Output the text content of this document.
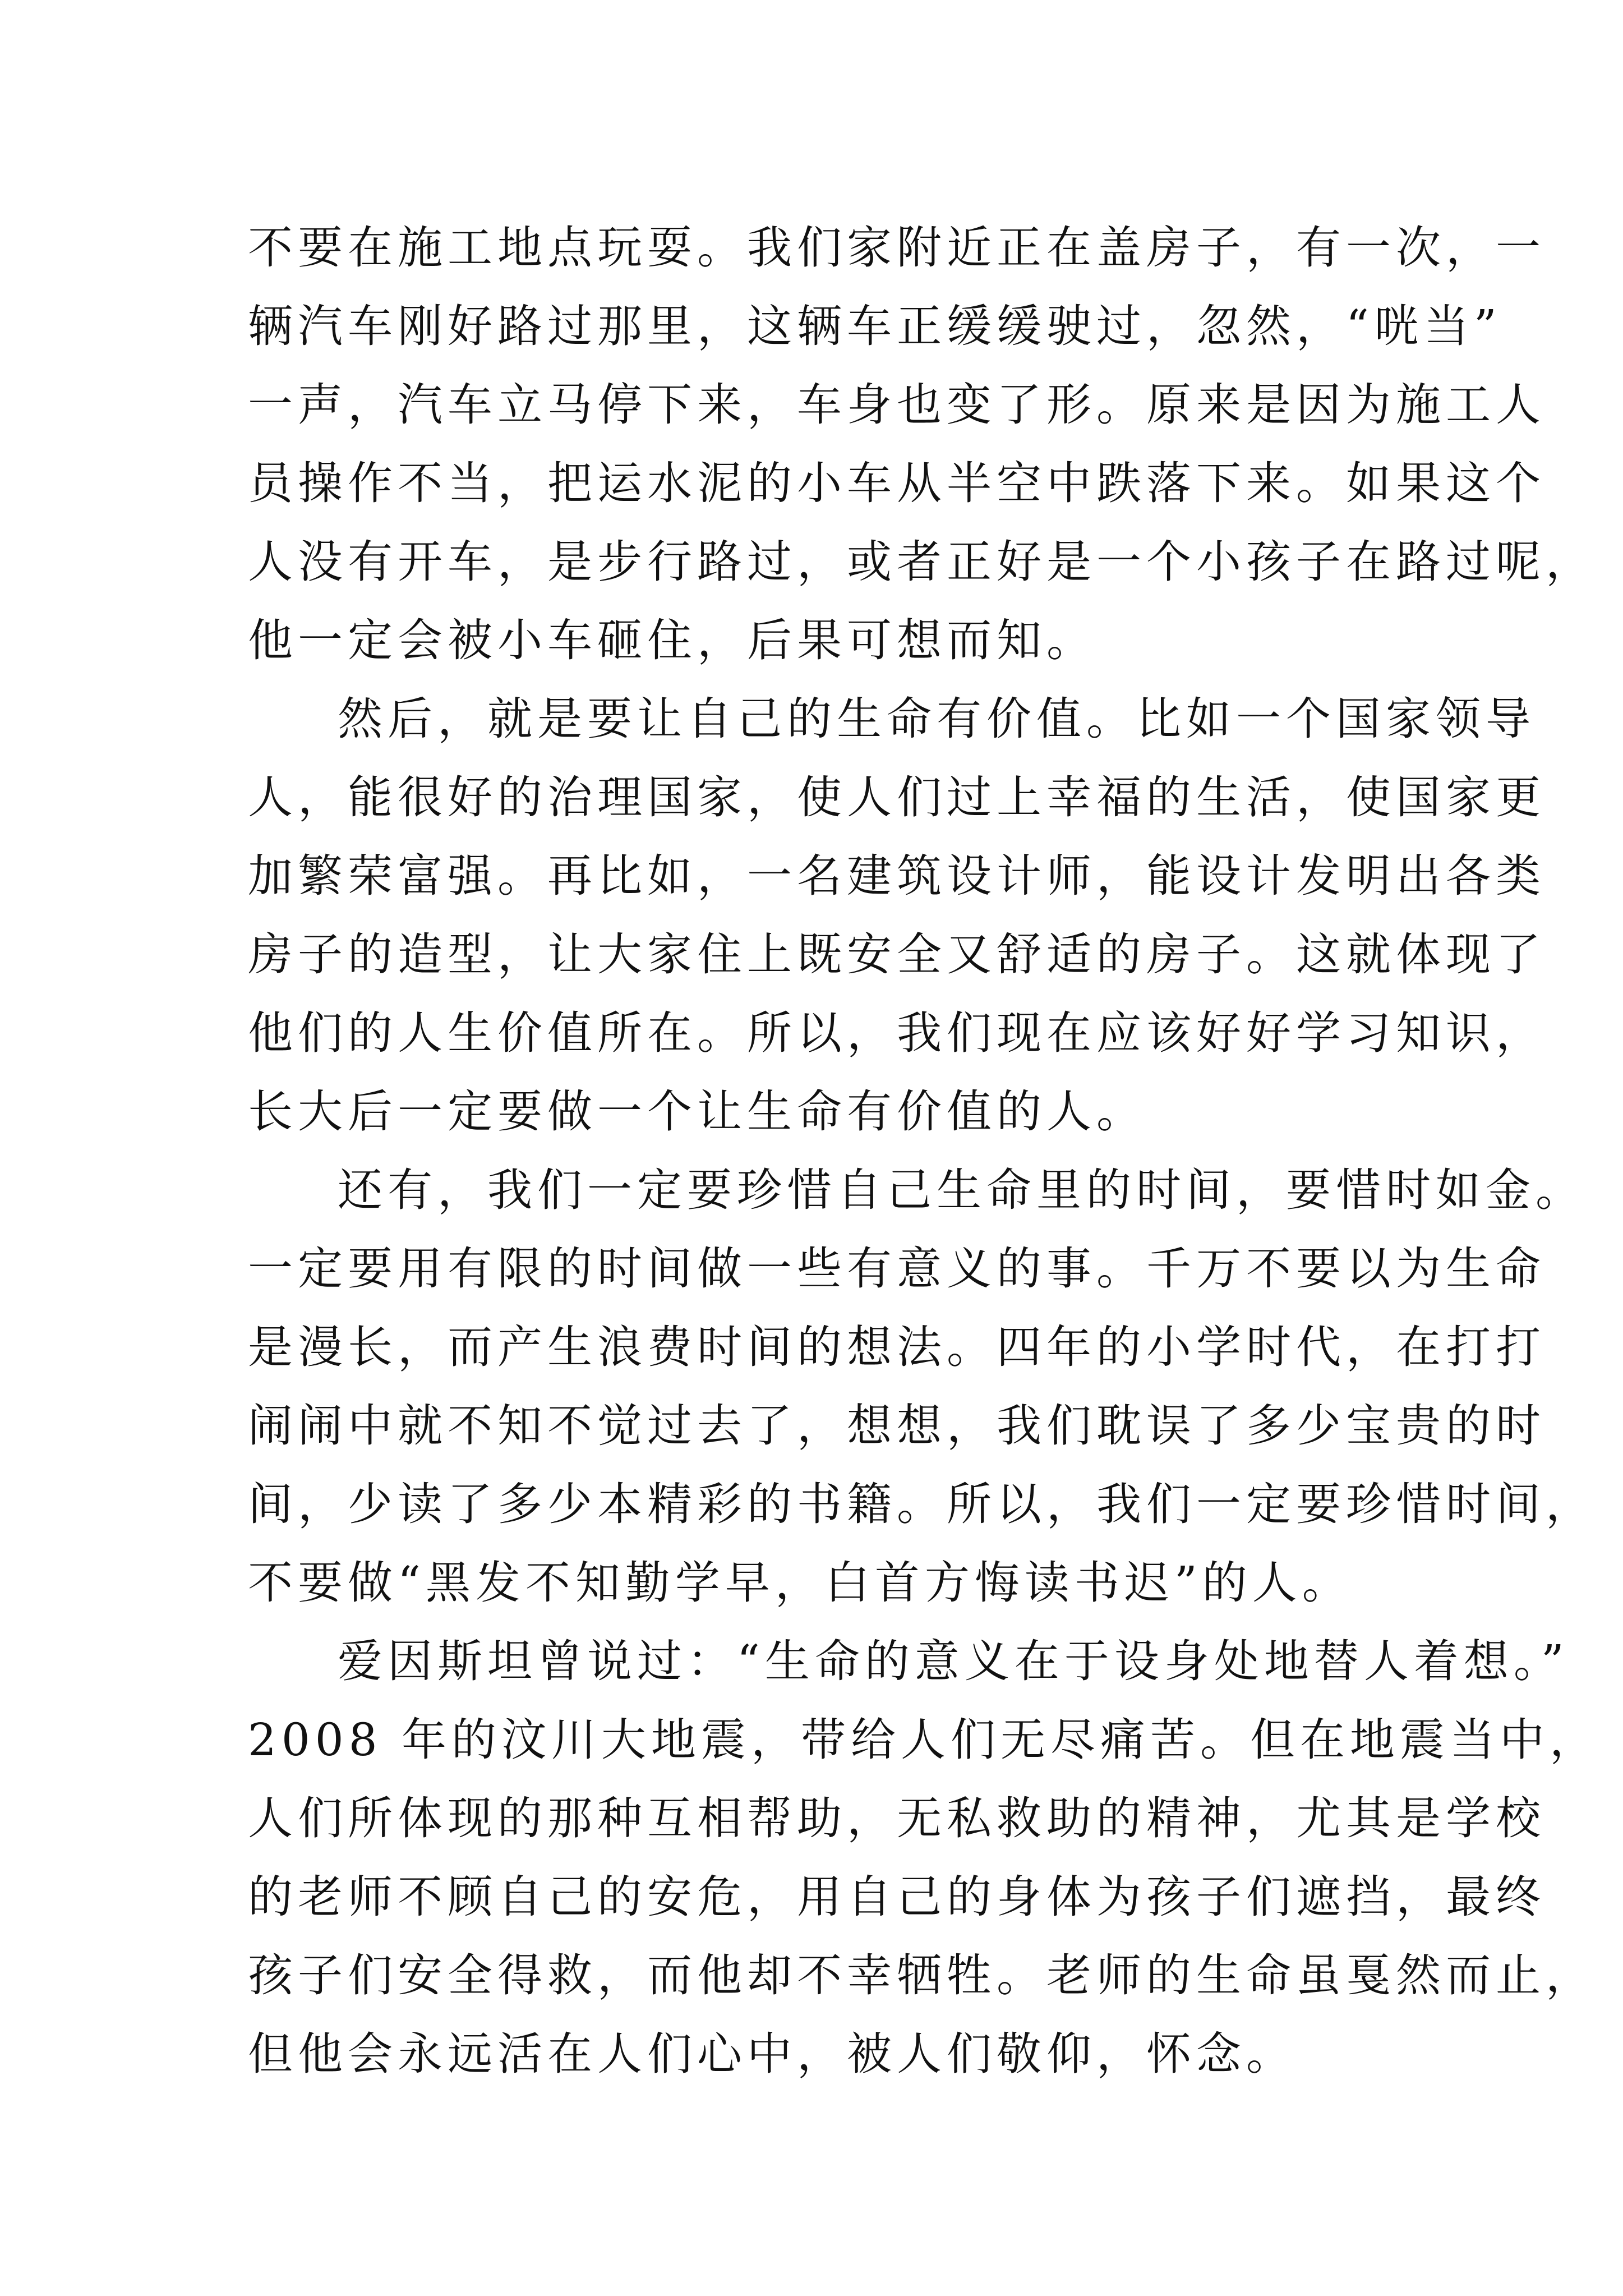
不要在施工地点玩耍。我们家附近正在盖房子，有一次，一
辆汽车刚好路过那里，这辆车正缓缓驶过，忽然，“咣当”
一声，汽车立马停下来，车身也变了形。原来是因为施工人
员操作不当，把运水泥的小车从半空中跌落下来。如果这个
人没有开车，是步行路过，或者正好是一个小孩子在路过呢，
他一定会被小车砸住，后果可想而知。
然后，就是要让自己的生命有价值。比如一个国家领导
人，能很好的治理国家，使人们过上幸福的生活，使国家更
加繁荣富强。再比如，一名建筑设计师，能设计发明出各类
房子的造型，让大家住上既安全又舒适的房子。这就体现了
他们的人生价值所在。所以，我们现在应该好好学习知识，
长大后一定要做一个让生命有价值的人。
还有，我们一定要珍惜自己生命里的时间，要惜时如金。
一定要用有限的时间做一些有意义的事。千万不要以为生命
是漫长，而产生浪费时间的想法。四年的小学时代，在打打
闹闹中就不知不觉过去了，想想，我们耽误了多少宝贵的时
间，少读了多少本精彩的书籍。所以，我们一定要珍惜时间，
不要做“黑发不知勤学早，白首方悔读书迟”的人。
爱因斯坦曾说过：“生命的意义在于设身处地替人着想。”
2008 年的汶川大地震，带给人们无尽痛苦。但在地震当中，
人们所体现的那种互相帮助，无私救助的精神，尤其是学校
的老师不顾自己的安危，用自己的身体为孩子们遮挡，最终
孩子们安全得救，而他却不幸牺牲。老师的生命虽戛然而止，
但他会永远活在人们心中，被人们敬仰，怀念。
